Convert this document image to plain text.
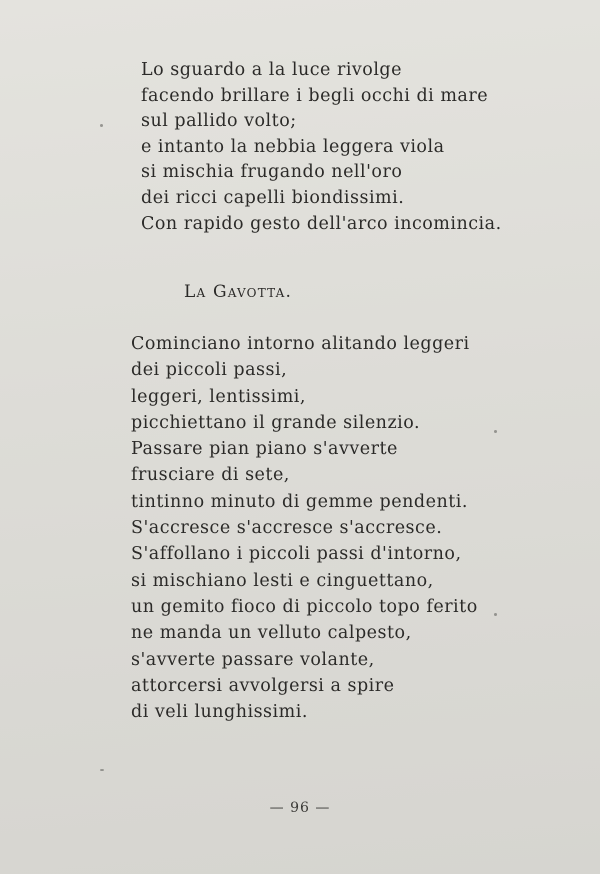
Lo sguardo a la luce rivolge
facendo brillare i begli occhi di mare
sul pallido volto;
e intanto la nebbia leggera viola
si mischia frugando nell'oro
dei ricci capelli biondissimi.
Con rapido gesto dell'arco incomincia.
La Gavotta.
Cominciano intorno alitando leggeri
dei piccoli passi,
leggeri, lentissimi,
picchiettano il grande silenzio.
Passare pian piano s'avverte
frusciare di sete,
tintinno minuto di gemme pendenti.
S'accresce s'accresce s'accresce.
S'affollano i piccoli passi d'intorno,
si mischiano lesti e cinguettano,
un gemito fioco di piccolo topo ferito
ne manda un velluto calpesto,
s'avverte passare volante,
attorcersi avvolgersi a spire
di veli lunghissimi.
— 96 —
